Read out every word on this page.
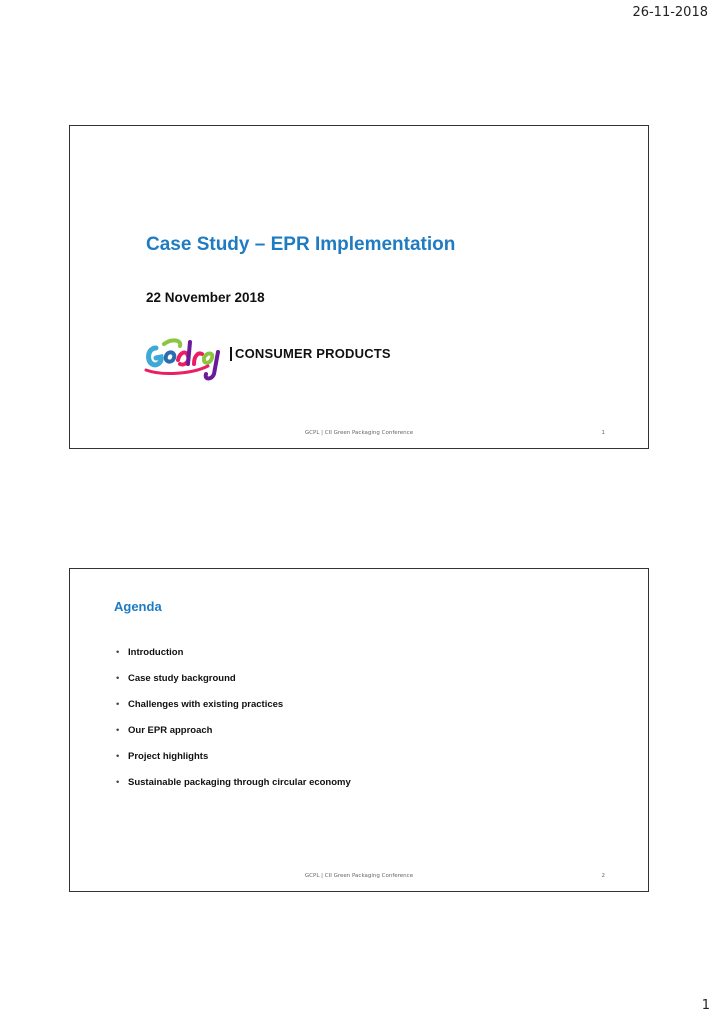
26-11-2018
Case Study – EPR Implementation
22 November 2018
CONSUMER PRODUCTS
GCPL | CII Green Packaging Conference	1
Agenda
• Introduction
• Case study background
• Challenges with existing practices
• Our EPR approach
• Project highlights
• Sustainable packaging through circular economy
GCPL | CII Green Packaging Conference	2
1
